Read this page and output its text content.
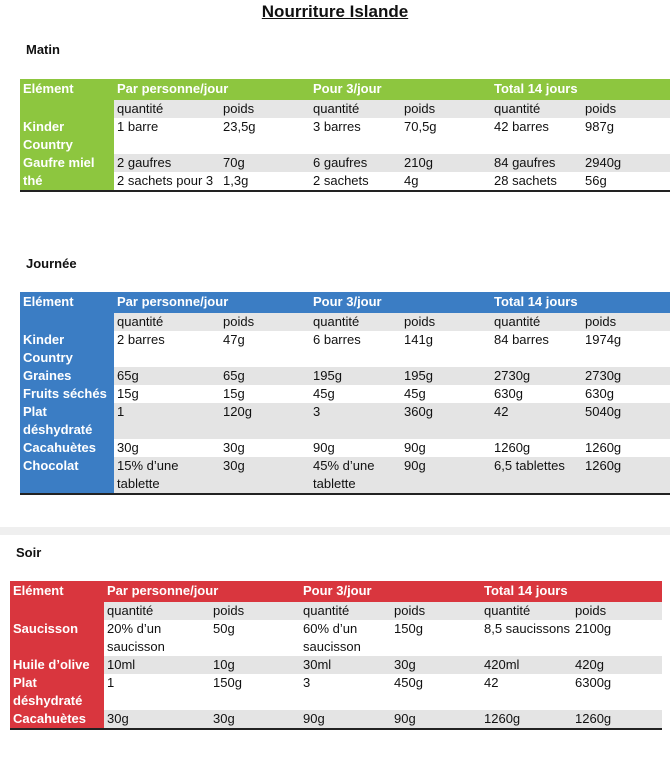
Nourriture Islande
Matin
Elément	Par personne/jour		Pour 3/jour		Total 14 jours	
	quantité	poids	quantité	poids	quantité	poids
Kinder Country	1 barre	23,5g	3 barres	70,5g	42 barres	987g
Gaufre miel	2 gaufres	70g	6 gaufres	210g	84 gaufres	2940g
thé	2 sachets pour 3	1,3g	2 sachets	4g	28 sachets	56g
Journée
Elément	Par personne/jour		Pour 3/jour		Total 14 jours	
	quantité	poids	quantité	poids	quantité	poids
Kinder Country	2 barres	47g	6 barres	141g	84 barres	1974g
Graines	65g	65g	195g	195g	2730g	2730g
Fruits séchés	15g	15g	45g	45g	630g	630g
Plat déshydraté	1	120g	3	360g	42	5040g
Cacahuètes	30g	30g	90g	90g	1260g	1260g
Chocolat	15% d’une tablette	30g	45% d’une tablette	90g	6,5 tablettes	1260g
Soir
Elément	Par personne/jour		Pour 3/jour		Total 14 jours	
	quantité	poids	quantité	poids	quantité	poids
Saucisson	20% d’un saucisson	50g	60% d’un saucisson	150g	8,5 saucissons	2100g
Huile d’olive	10ml	10g	30ml	30g	420ml	420g
Plat déshydraté	1	150g	3	450g	42	6300g
Cacahuètes	30g	30g	90g	90g	1260g	1260g
